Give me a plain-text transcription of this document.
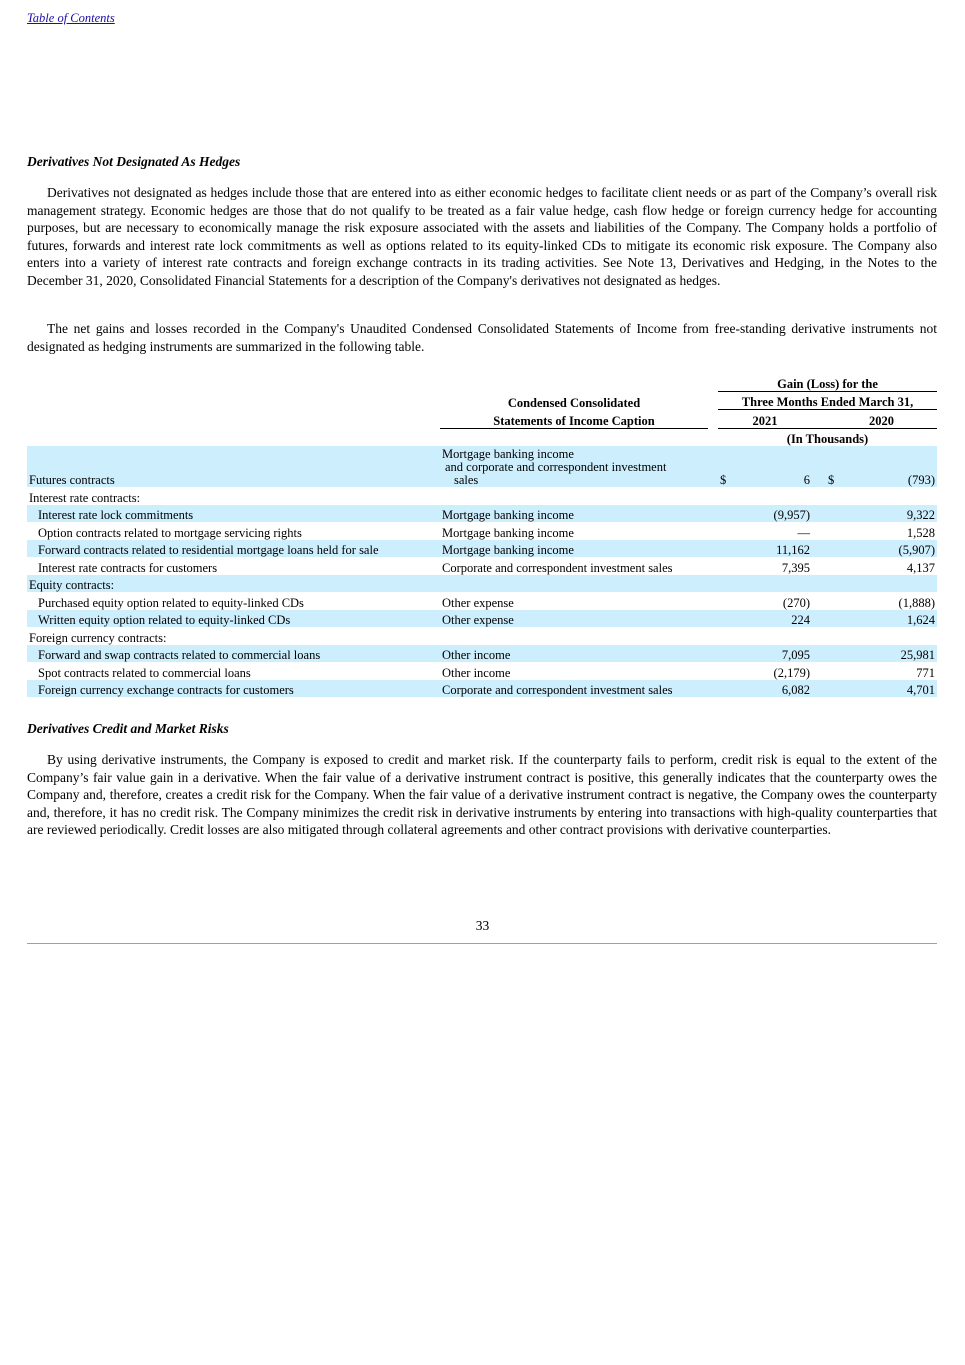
Table of Contents
Derivatives Not Designated As Hedges

Derivatives not designated as hedges include those that are entered into as either economic hedges to facilitate client needs or as part of the Company’s overall risk management strategy. Economic hedges are those that do not qualify to be treated as a fair value hedge, cash flow hedge or foreign currency hedge for accounting purposes, but are necessary to economically manage the risk exposure associated with the assets and liabilities of the Company. The Company holds a portfolio of futures, forwards and interest rate lock commitments as well as options related to its equity-linked CDs to mitigate its economic risk exposure. The Company also enters into a variety of interest rate contracts and foreign exchange contracts in its trading activities. See Note 13, Derivatives and Hedging, in the Notes to the December 31, 2020, Consolidated Financial Statements for a description of the Company's derivatives not designated as hedges.

The net gains and losses recorded in the Company's Unaudited Condensed Consolidated Statements of Income from free-standing derivative instruments not designated as hedging instruments are summarized in the following table.

			Gain (Loss) for the				
	Condensed Consolidated		Three Months Ended March 31,				
	Statements of Income Caption		2021			2020	
			(In Thousands)				
Futures contracts	Mortgage banking income
and corporate and correspondent investment
sales		$	6		$	(793)
Interest rate contracts:							
Interest rate lock commitments	Mortgage banking income			(9,957)			9,322
Option contracts related to mortgage servicing rights	Mortgage banking income			—			1,528
Forward contracts related to residential mortgage loans held for sale	Mortgage banking income			11,162			(5,907)
Interest rate contracts for customers	Corporate and correspondent investment sales			7,395			4,137
Equity contracts:							
Purchased equity option related to equity-linked CDs	Other expense			(270)			(1,888)
Written equity option related to equity-linked CDs	Other expense			224			1,624
Foreign currency contracts:							
Forward and swap contracts related to commercial loans	Other income			7,095			25,981
Spot contracts related to commercial loans	Other income			(2,179)			771
Foreign currency exchange contracts for customers	Corporate and correspondent investment sales			6,082			4,701
Derivatives Credit and Market Risks

By using derivative instruments, the Company is exposed to credit and market risk. If the counterparty fails to perform, credit risk is equal to the extent of the Company’s fair value gain in a derivative. When the fair value of a derivative instrument contract is positive, this generally indicates that the counterparty owes the Company and, therefore, creates a credit risk for the Company. When the fair value of a derivative instrument contract is negative, the Company owes the counterparty and, therefore, it has no credit risk. The Company minimizes the credit risk in derivative instruments by entering into transactions with high-quality counterparties that are reviewed periodically. Credit losses are also mitigated through collateral agreements and other contract provisions with derivative counterparties.

33
